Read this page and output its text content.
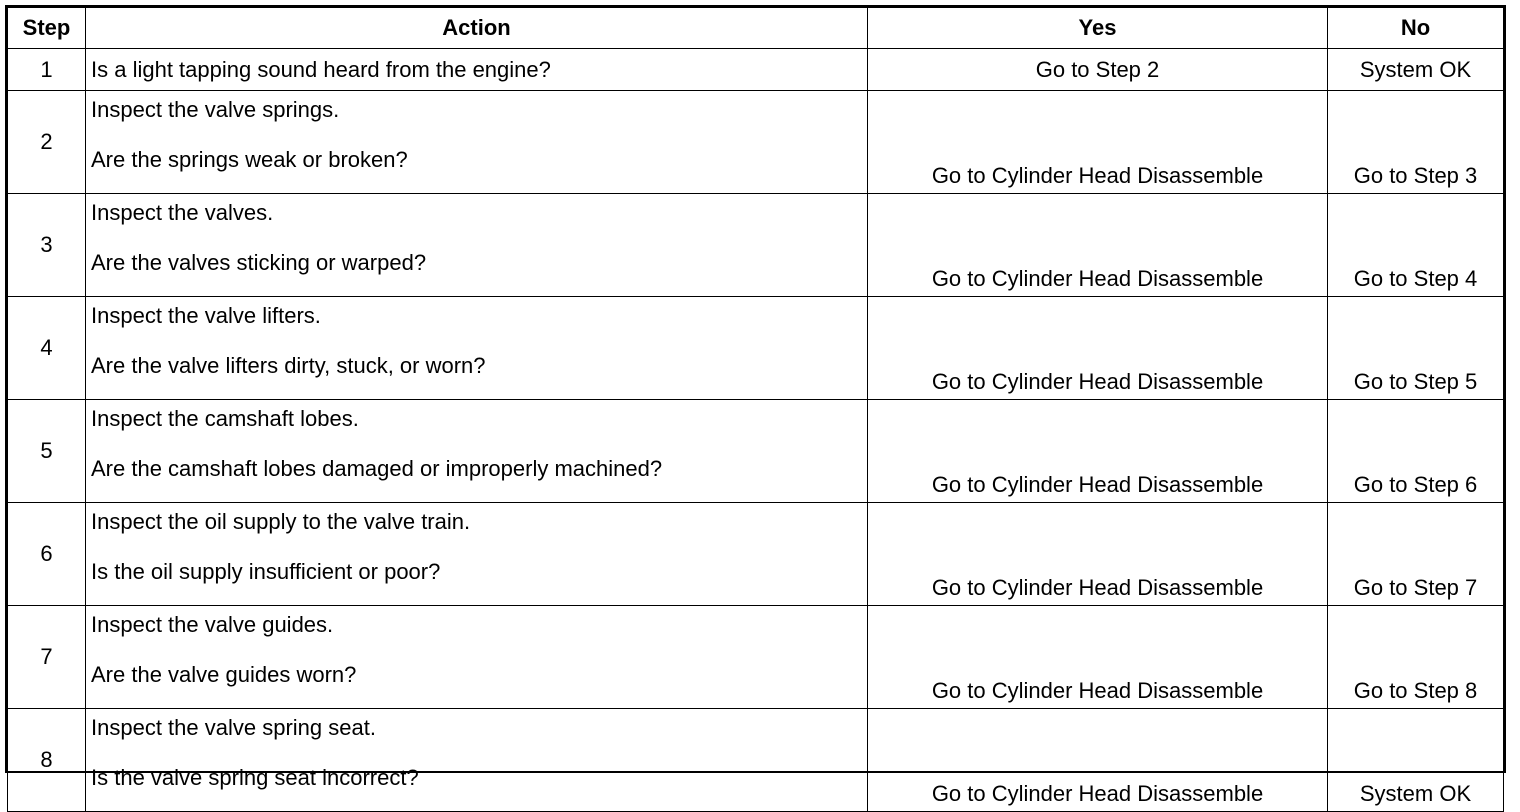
Step	Action	Yes	No
1	Is a light tapping sound heard from the engine?	Go to Step 2	System OK
2	Inspect the valve springs.
Are the springs weak or broken?	Go to Cylinder Head Disassemble	Go to Step 3
3	Inspect the valves.
Are the valves sticking or warped?	Go to Cylinder Head Disassemble	Go to Step 4
4	Inspect the valve lifters.
Are the valve lifters dirty, stuck, or worn?	Go to Cylinder Head Disassemble	Go to Step 5
5	Inspect the camshaft lobes.
Are the camshaft lobes damaged or improperly machined?	Go to Cylinder Head Disassemble	Go to Step 6
6	Inspect the oil supply to the valve train.
Is the oil supply insufficient or poor?	Go to Cylinder Head Disassemble	Go to Step 7
7	Inspect the valve guides.
Are the valve guides worn?	Go to Cylinder Head Disassemble	Go to Step 8
8	Inspect the valve spring seat.
Is the valve spring seat incorrect?	Go to Cylinder Head Disassemble	System OK
